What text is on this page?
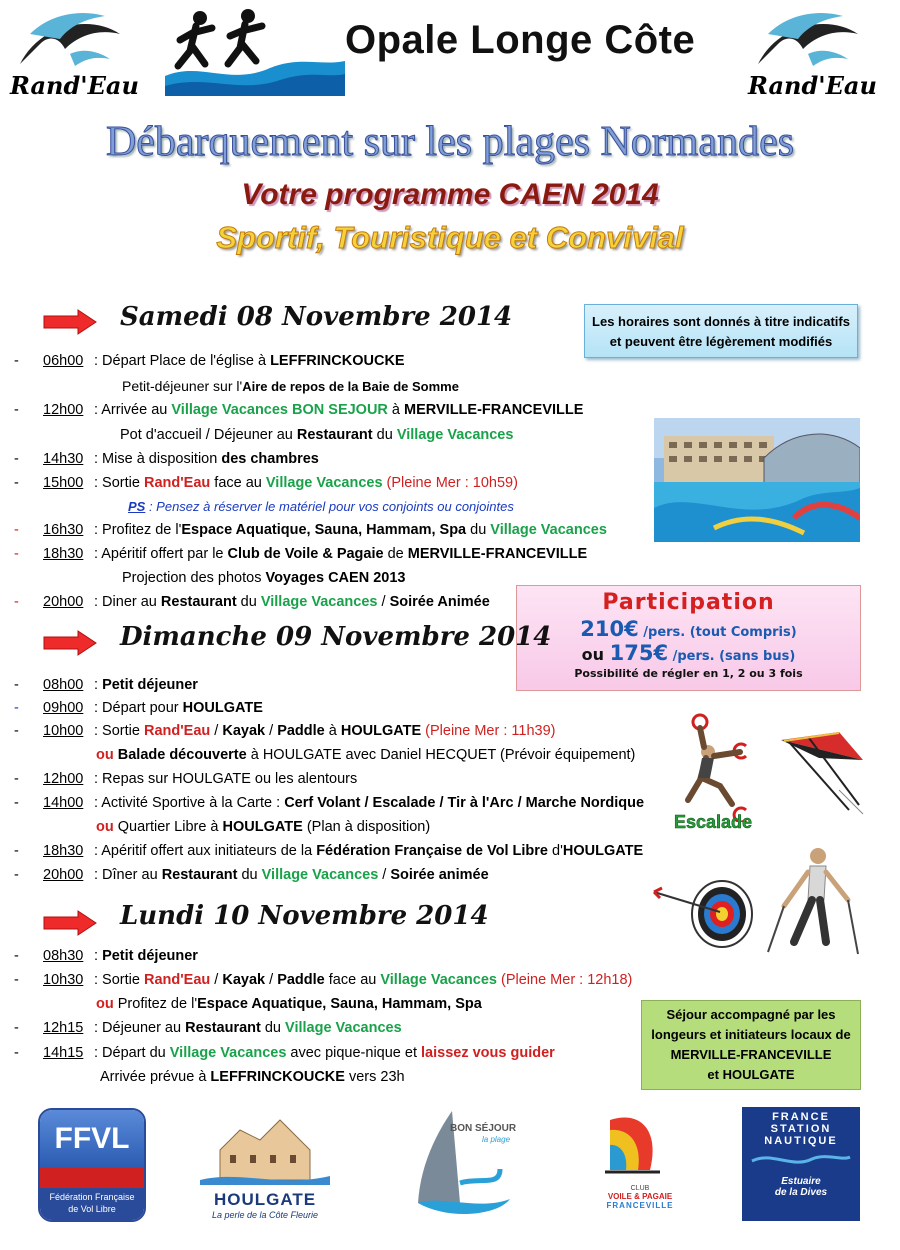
Rand'Eau	Rand'Eau
Opale Longe Côte
Débarquement sur les plages Normandes
Votre programme CAEN 2014
Sportif, Touristique et Convivial
Les horaires sont donnés à titre indicatifs
et peuvent être légèrement modifiés
Samedi 08 Novembre 2014
- 06h00 : Départ Place de l'église à LEFFRINCKOUCKE
Petit-déjeuner sur l'Aire de repos de la Baie de Somme
- 12h00 : Arrivée au Village Vacances BON SEJOUR à MERVILLE-FRANCEVILLE
Pot d'accueil / Déjeuner au Restaurant du Village Vacances
- 14h30 : Mise à disposition des chambres
- 15h00 : Sortie Rand'Eau face au Village Vacances (Pleine Mer : 10h59)
PS : Pensez à réserver le matériel pour vos conjoints ou conjointes
- 16h30 : Profitez de l'Espace Aquatique, Sauna, Hammam, Spa du Village Vacances
- 18h30 : Apéritif offert par le Club de Voile & Pagaie de MERVILLE-FRANCEVILLE
Projection des photos Voyages CAEN 2013
- 20h00 : Diner au Restaurant du Village Vacances / Soirée Animée	Participation
210€ /pers. (tout Compris)
ou 175€ /pers. (sans bus)
Possibilité de régler en 1, 2 ou 3 fois
Dimanche 09 Novembre 2014
- 08h00 : Petit déjeuner
- 09h00 : Départ pour HOULGATE
- 10h00 : Sortie Rand'Eau / Kayak / Paddle à HOULGATE (Pleine Mer : 11h39)
ou Balade découverte à HOULGATE avec Daniel HECQUET (Prévoir équipement)
- 12h00 : Repas sur HOULGATE ou les alentours
- 14h00 : Activité Sportive à la Carte : Cerf Volant / Escalade / Tir à l'Arc / Marche Nordique
ou Quartier Libre à HOULGATE (Plan à disposition)
- 18h30 : Apéritif offert aux initiateurs de la Fédération Française de Vol Libre d'HOULGATE
- 20h00 : Dîner au Restaurant du Village Vacances / Soirée animée
Escalade
Lundi 10 Novembre 2014
- 08h30 : Petit déjeuner
- 10h30 : Sortie Rand'Eau / Kayak / Paddle face au Village Vacances (Pleine Mer : 12h18)
ou Profitez de l'Espace Aquatique, Sauna, Hammam, Spa
- 12h15 : Déjeuner au Restaurant du Village Vacances
- 14h15 : Départ du Village Vacances avec pique-nique et laissez vous guider
Arrivée prévue à LEFFRINCKOUCKE vers 23h
Séjour accompagné par les
longeurs et initiateurs locaux de
MERVILLE-FRANCEVILLE
et HOULGATE
FFVL
Fédération Française
de Vol Libre	HOULGATE
La perle de la Côte Fleurie
BON SÉJOUR
la plage
CLUB
VOILE & PAGAIE
FRANCEVILLE
FRANCE
STATION
NAUTIQUE
Estuaire
de la Dives
